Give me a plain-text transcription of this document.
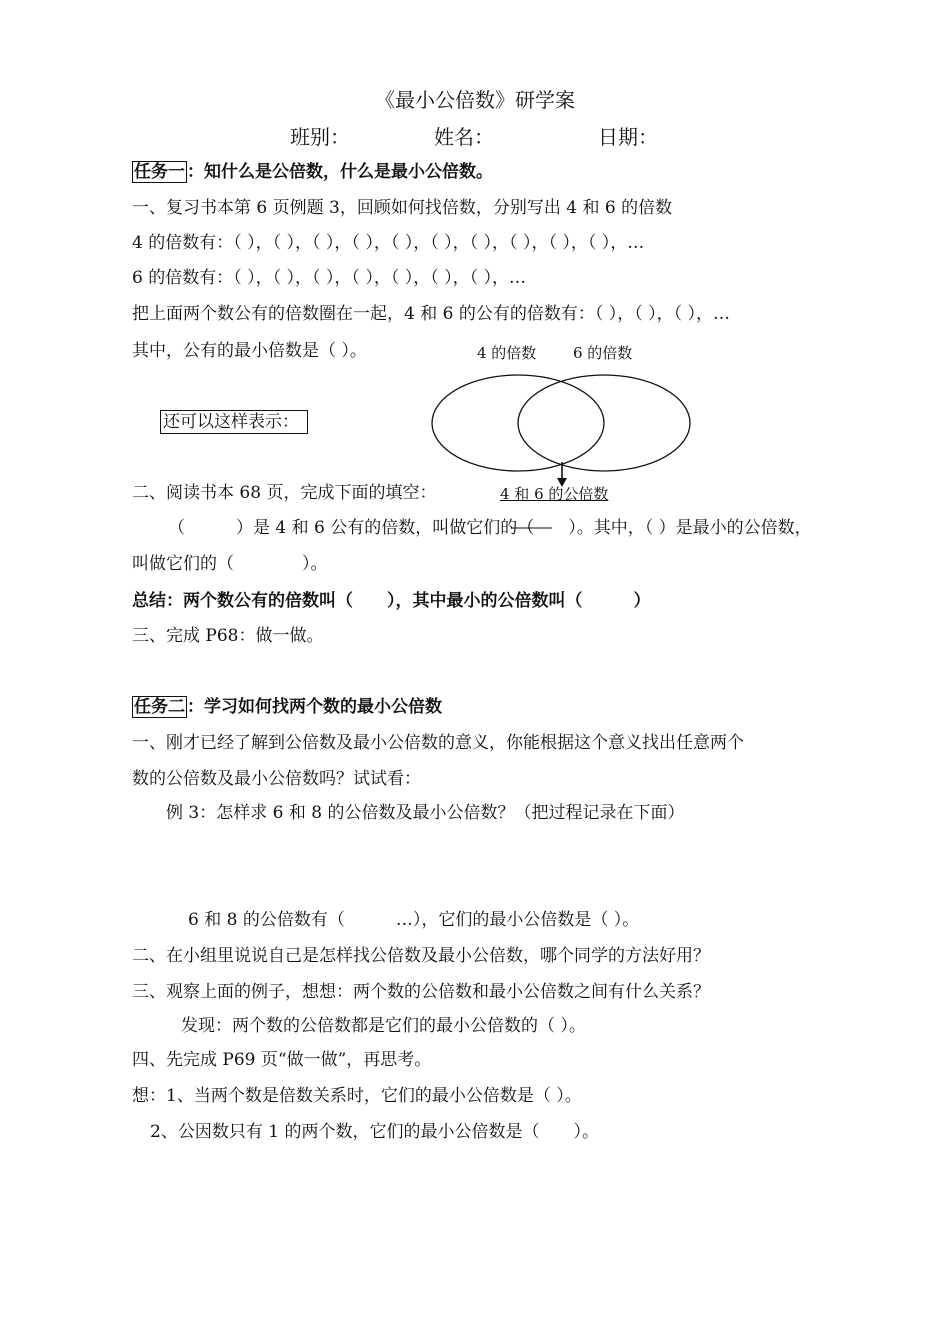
《最小公倍数》研学案
班别：	姓名：	日期：
任务一 ：知什么是公倍数，什么是最小公倍数。
一、复习书本第 6 页例题 3，回顾如何找倍数，分别写出 4 和 6 的倍数
4 的倍数有：（ ），（ ），（ ），（ ），（ ），（ ），（ ），（ ），（ ），（ ），…
6 的倍数有：（ ），（ ），（ ），（ ），（ ），（ ），（ ），…
把上面两个数公有的倍数圈在一起，4 和 6 的公有的倍数有：（ ），（ ），（ ），…
其中，公有的最小倍数是（ ）。	4 的倍数 6 的倍数
还可以这样表示：
4 和 6 的公倍数
二、阅读书本 68 页，完成下面的填空：
（　　　）是 4 和 6 公有的倍数，叫做它们的（　　）。其中，（ ）是最小的公倍数，
叫做它们的（　　　　）。
总结：两个数公有的倍数叫（　　），其中最小的公倍数叫（　　　）
三、完成 P68：做一做。
任务二 ：学习如何找两个数的最小公倍数
一、刚才已经了解到公倍数及最小公倍数的意义，你能根据这个意义找出任意两个
数的公倍数及最小公倍数吗？试试看：
例 3：怎样求 6 和 8 的公倍数及最小公倍数？（把过程记录在下面）
6 和 8 的公倍数有（　　　…），它们的最小公倍数是（ ）。
二、在小组里说说自己是怎样找公倍数及最小公倍数，哪个同学的方法好用？
三、观察上面的例子，想想：两个数的公倍数和最小公倍数之间有什么关系？
发现：两个数的公倍数都是它们的最小公倍数的（ ）。
四、先完成 P69 页“做一做”，再思考。
想：1、当两个数是倍数关系时，它们的最小公倍数是（ ）。
2、公因数只有 1 的两个数，它们的最小公倍数是（　　）。
